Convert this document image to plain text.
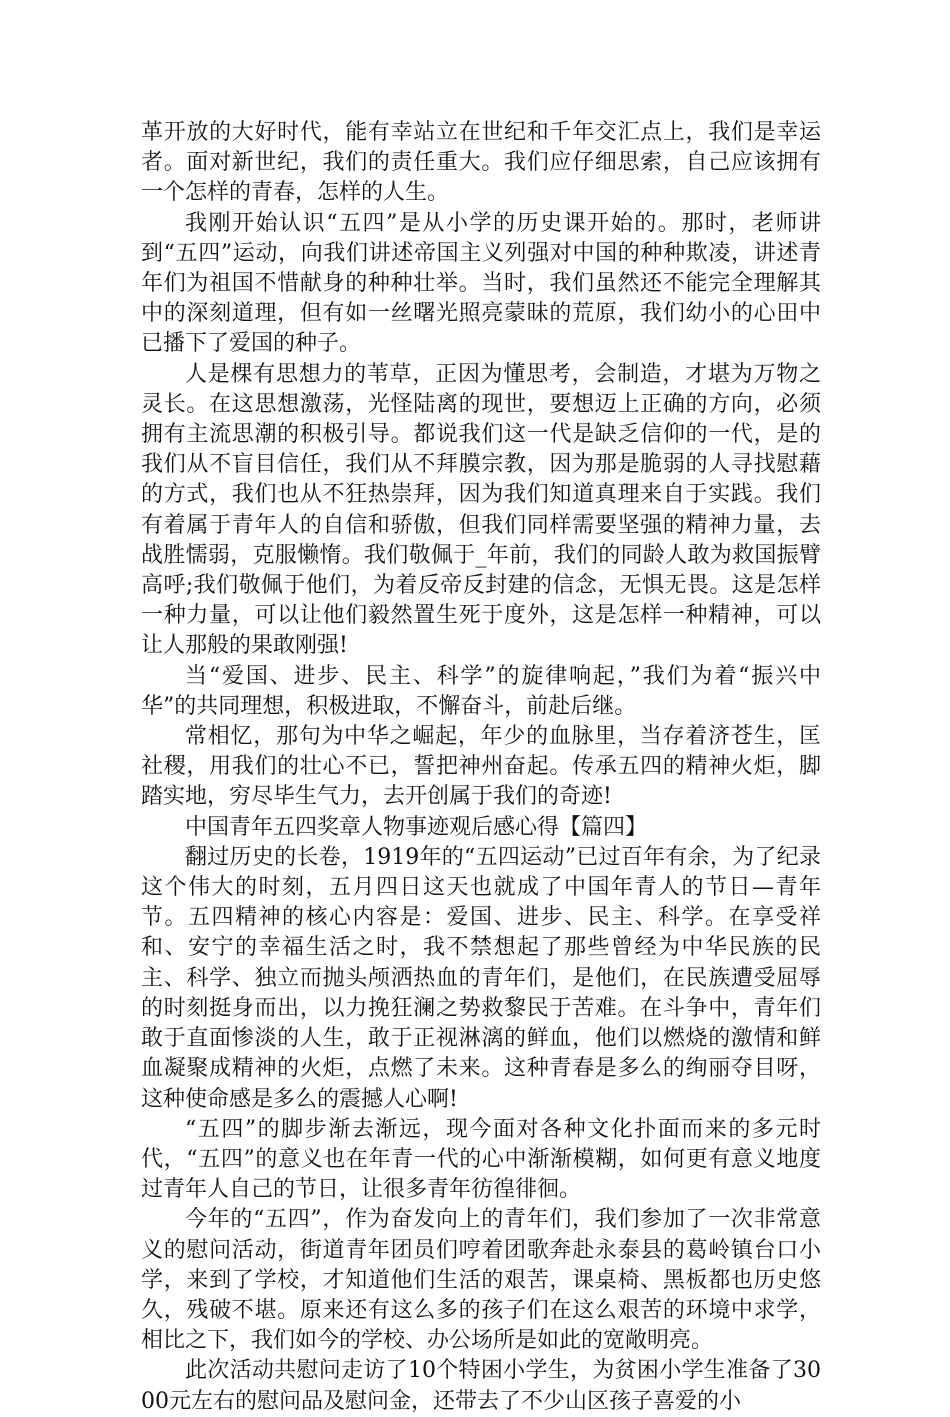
革开放的大好时代，能有幸站立在世纪和千年交汇点上，我们是幸运者。面对新世纪，我们的责任重大。我们应仔细思索，自己应该拥有一个怎样的青春，怎样的人生。

我刚开始认识“五四”是从小学的历史课开始的。那时，老师讲到“五四”运动，向我们讲述帝国主义列强对中国的种种欺凌，讲述青年们为祖国不惜献身的种种壮举。当时，我们虽然还不能完全理解其中的深刻道理，但有如一丝曙光照亮蒙昧的荒原，我们幼小的心田中已播下了爱国的种子。

人是棵有思想力的苇草，正因为懂思考，会制造，才堪为万物之灵长。在这思想激荡，光怪陆离的现世，要想迈上正确的方向，必须拥有主流思潮的积极引导。都说我们这一代是缺乏信仰的一代，是的我们从不盲目信任，我们从不拜膜宗教，因为那是脆弱的人寻找慰藉的方式，我们也从不狂热崇拜，因为我们知道真理来自于实践。我们有着属于青年人的自信和骄傲，但我们同样需要坚强的精神力量，去战胜懦弱，克服懒惰。我们敬佩于_年前，我们的同龄人敢为救国振臂高呼;我们敬佩于他们，为着反帝反封建的信念，无惧无畏。这是怎样一种力量，可以让他们毅然置生死于度外，这是怎样一种精神，可以让人那般的果敢刚强!

当“爱国、进步、民主、科学”的旋律响起，”我们为着“振兴中华”的共同理想，积极进取，不懈奋斗，前赴后继。

常相忆，那句为中华之崛起，年少的血脉里，当存着济苍生，匡社稷，用我们的壮心不已，誓把神州奋起。传承五四的精神火炬，脚踏实地，穷尽毕生气力，去开创属于我们的奇迹!

中国青年五四奖章人物事迹观后感心得【篇四】

翻过历史的长卷，1919年的“五四运动”已过百年有余，为了纪录这个伟大的时刻，五月四日这天也就成了中国年青人的节日—青年节。五四精神的核心内容是：爱国、进步、民主、科学。在享受祥和、安宁的幸福生活之时，我不禁想起了那些曾经为中华民族的民主、科学、独立而抛头颅洒热血的青年们，是他们，在民族遭受屈辱的时刻挺身而出，以力挽狂澜之势救黎民于苦难。在斗争中，青年们敢于直面惨淡的人生，敢于正视淋漓的鲜血，他们以燃烧的激情和鲜血凝聚成精神的火炬，点燃了未来。这种青春是多么的绚丽夺目呀，这种使命感是多么的震撼人心啊!

“五四”的脚步渐去渐远，现今面对各种文化扑面而来的多元时代，“五四”的意义也在年青一代的心中渐渐模糊，如何更有意义地度过青年人自己的节日，让很多青年彷徨徘徊。

今年的“五四”，作为奋发向上的青年们，我们参加了一次非常意义的慰问活动，街道青年团员们哼着团歌奔赴永泰县的葛岭镇台口小学，来到了学校，才知道他们生活的艰苦，课桌椅、黑板都也历史悠久，残破不堪。原来还有这么多的孩子们在这么艰苦的环境中求学，相比之下，我们如今的学校、办公场所是如此的宽敞明亮。

此次活动共慰问走访了10个特困小学生，为贫困小学生准备了3000元左右的慰问品及慰问金，还带去了不少山区孩子喜爱的小
